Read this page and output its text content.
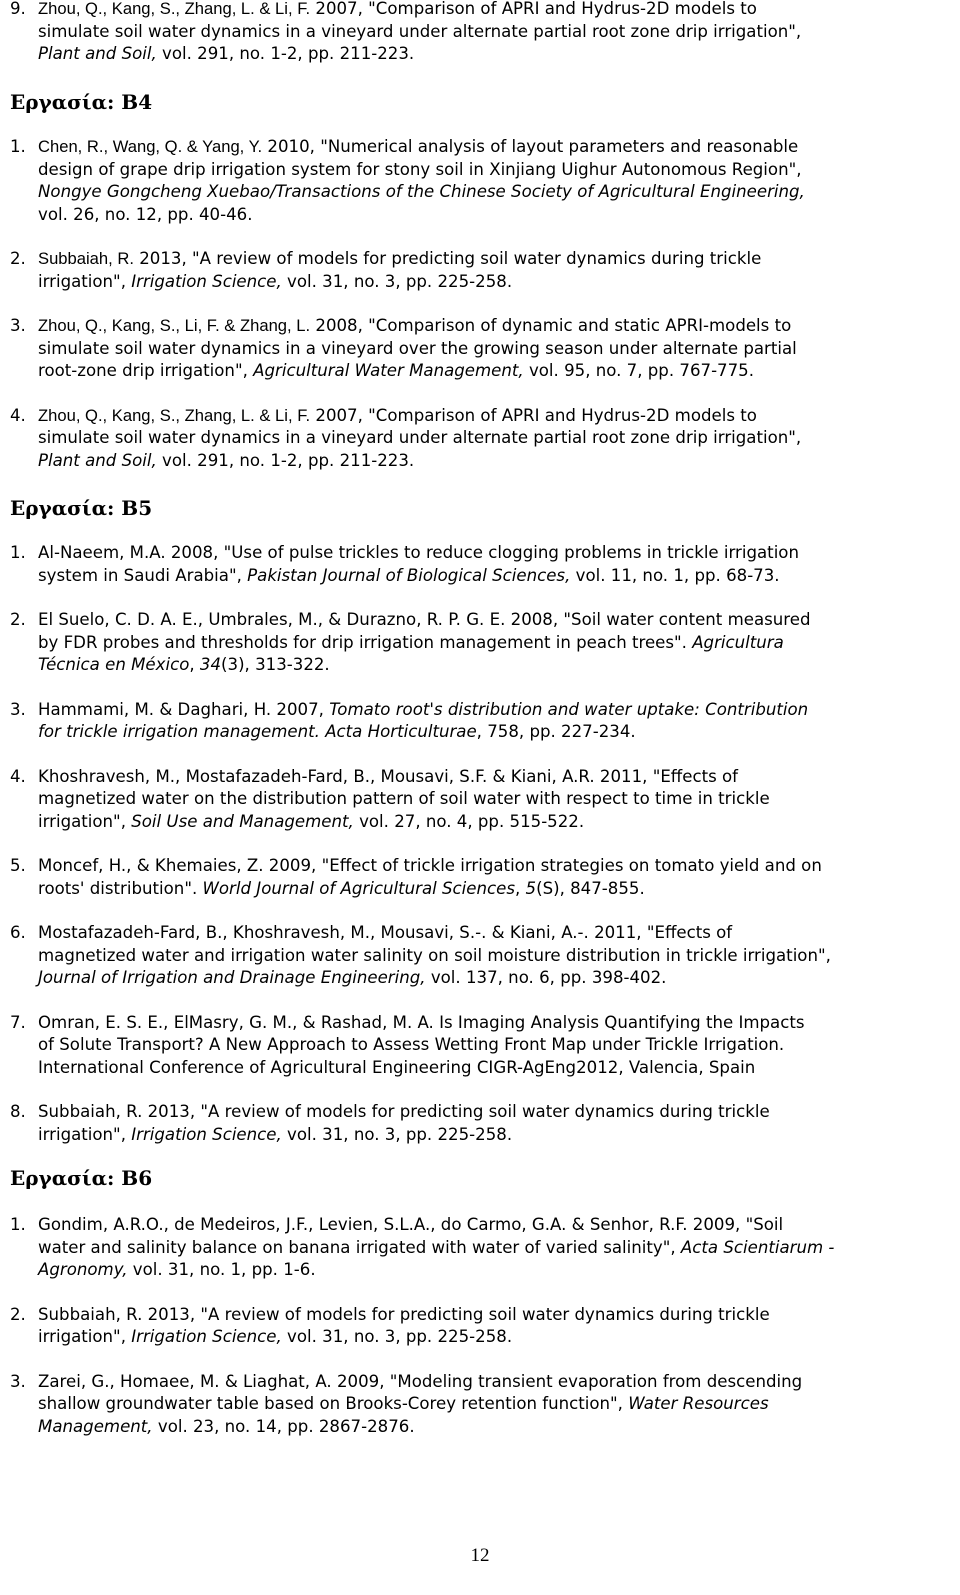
9. Zhou, Q., Kang, S., Zhang, L. & Li, F. 2007, "Comparison of APRI and Hydrus-2D models to
simulate soil water dynamics in a vineyard under alternate partial root zone drip irrigation",
Plant and Soil, vol. 291, no. 1-2, pp. 211-223.
Εργασία: Β4
1. Chen, R., Wang, Q. & Yang, Y. 2010, "Numerical analysis of layout parameters and reasonable
design of grape drip irrigation system for stony soil in Xinjiang Uighur Autonomous Region",
Nongye Gongcheng Xuebao/Transactions of the Chinese Society of Agricultural Engineering,
vol. 26, no. 12, pp. 40-46.
2. Subbaiah, R. 2013, "A review of models for predicting soil water dynamics during trickle
irrigation", Irrigation Science, vol. 31, no. 3, pp. 225-258.
3. Zhou, Q., Kang, S., Li, F. & Zhang, L. 2008, "Comparison of dynamic and static APRI-models to
simulate soil water dynamics in a vineyard over the growing season under alternate partial
root-zone drip irrigation", Agricultural Water Management, vol. 95, no. 7, pp. 767-775.
4. Zhou, Q., Kang, S., Zhang, L. & Li, F. 2007, "Comparison of APRI and Hydrus-2D models to
simulate soil water dynamics in a vineyard under alternate partial root zone drip irrigation",
Plant and Soil, vol. 291, no. 1-2, pp. 211-223.
Εργασία: Β5
1. Al-Naeem, M.A. 2008, "Use of pulse trickles to reduce clogging problems in trickle irrigation
system in Saudi Arabia", Pakistan Journal of Biological Sciences, vol. 11, no. 1, pp. 68-73.
2. El Suelo, C. D. A. E., Umbrales, M., & Durazno, R. P. G. E. 2008, "Soil water content measured
by FDR probes and thresholds for drip irrigation management in peach trees". Agricultura
Técnica en México, 34(3), 313-322.
3. Hammami, M. & Daghari, H. 2007, Tomato root's distribution and water uptake: Contribution
for trickle irrigation management. Acta Horticulturae, 758, pp. 227-234.
4. Khoshravesh, M., Mostafazadeh-Fard, B., Mousavi, S.F. & Kiani, A.R. 2011, "Effects of
magnetized water on the distribution pattern of soil water with respect to time in trickle
irrigation", Soil Use and Management, vol. 27, no. 4, pp. 515-522.
5. Moncef, H., & Khemaies, Z. 2009, "Effect of trickle irrigation strategies on tomato yield and on
roots' distribution". World Journal of Agricultural Sciences, 5(S), 847-855.
6. Mostafazadeh-Fard, B., Khoshravesh, M., Mousavi, S.-. & Kiani, A.-. 2011, "Effects of
magnetized water and irrigation water salinity on soil moisture distribution in trickle irrigation",
Journal of Irrigation and Drainage Engineering, vol. 137, no. 6, pp. 398-402.
7. Omran, E. S. E., ElMasry, G. M., & Rashad, M. A. Is Imaging Analysis Quantifying the Impacts
of Solute Transport? A New Approach to Assess Wetting Front Map under Trickle Irrigation.
International Conference of Agricultural Engineering CIGR-AgEng2012, Valencia, Spain
8. Subbaiah, R. 2013, "A review of models for predicting soil water dynamics during trickle
irrigation", Irrigation Science, vol. 31, no. 3, pp. 225-258.
Εργασία: Β6
1. Gondim, A.R.O., de Medeiros, J.F., Levien, S.L.A., do Carmo, G.A. & Senhor, R.F. 2009, "Soil
water and salinity balance on banana irrigated with water of varied salinity", Acta Scientiarum -
Agronomy, vol. 31, no. 1, pp. 1-6.
2. Subbaiah, R. 2013, "A review of models for predicting soil water dynamics during trickle
irrigation", Irrigation Science, vol. 31, no. 3, pp. 225-258.
3. Zarei, G., Homaee, M. & Liaghat, A. 2009, "Modeling transient evaporation from descending
shallow groundwater table based on Brooks-Corey retention function", Water Resources
Management, vol. 23, no. 14, pp. 2867-2876.
12
